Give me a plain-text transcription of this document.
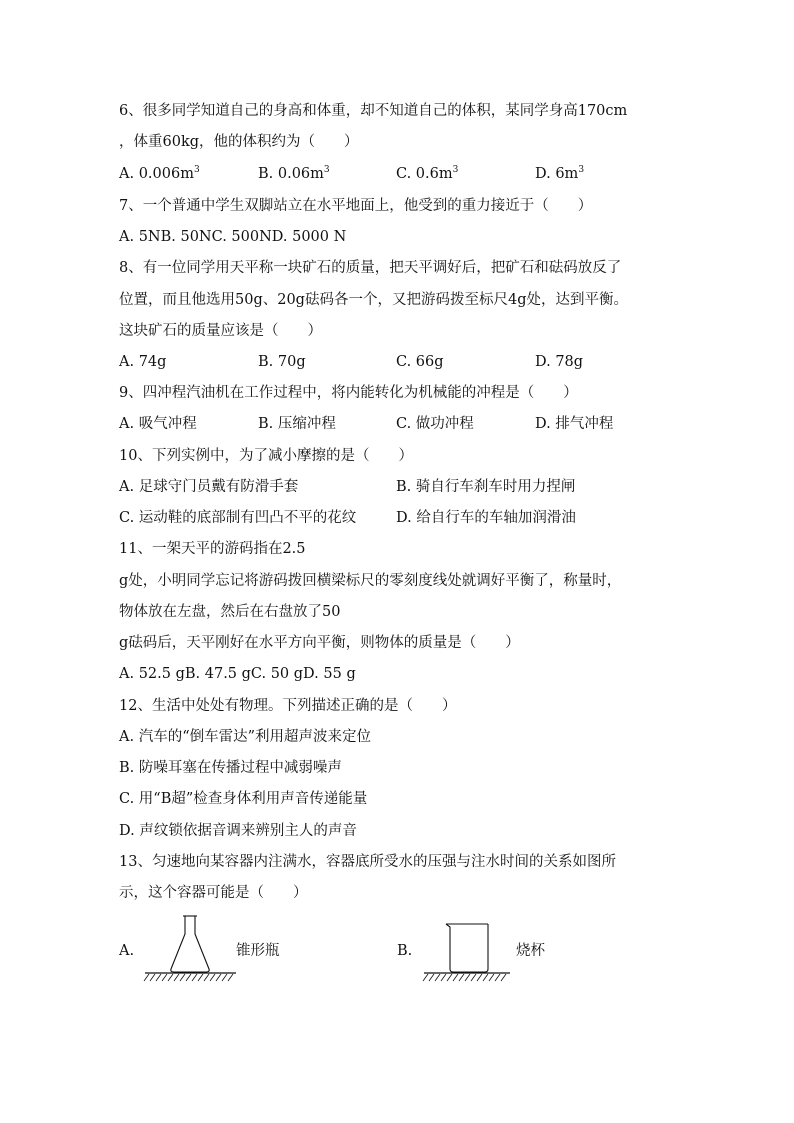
6、很多同学知道自己的身高和体重，却不知道自己的体积，某同学身高170cm
，体重60kg，他的体积约为（　　）
A. $0.006m^3$	B. $0.06m^3$	C. $0.6m^3$	D. $6m^3$
7、一个普通中学生双脚站立在水平地面上，他受到的重力接近于（　　）
A. 5NB. 50NC. 500ND. 5000 N
8、有一位同学用天平称一块矿石的质量，把天平调好后，把矿石和砝码放反了
位置，而且他选用50g、20g砝码各一个，又把游码拨至标尺4g处，达到平衡。
这块矿石的质量应该是（　　）
A. 74g	B. 70g	C. 66g	D. 78g
9、四冲程汽油机在工作过程中，将内能转化为机械能的冲程是（　　）
A. 吸气冲程	B. 压缩冲程	C. 做功冲程	D. 排气冲程
10、下列实例中，为了减小摩擦的是（　　）
A. 足球守门员戴有防滑手套	B. 骑自行车刹车时用力捏闸
C. 运动鞋的底部制有凹凸不平的花纹	D. 给自行车的车轴加润滑油
11、一架天平的游码指在2.5
g处，小明同学忘记将游码拨回横梁标尺的零刻度线处就调好平衡了，称量时，
物体放在左盘，然后在右盘放了50
g砝码后，天平刚好在水平方向平衡，则物体的质量是（　　）
A. 52.5 gB. 47.5 gC. 50 gD. 55 g
12、生活中处处有物理。下列描述正确的是（　　）
A. 汽车的“倒车雷达”利用超声波来定位
B. 防噪耳塞在传播过程中减弱噪声
C. 用“B超”检查身体利用声音传递能量
D. 声纹锁依据音调来辨别主人的声音
13、匀速地向某容器内注满水，容器底所受水的压强与注水时间的关系如图所
示，这个容器可能是（　　）
A.	锥形瓶	B.	烧杯
